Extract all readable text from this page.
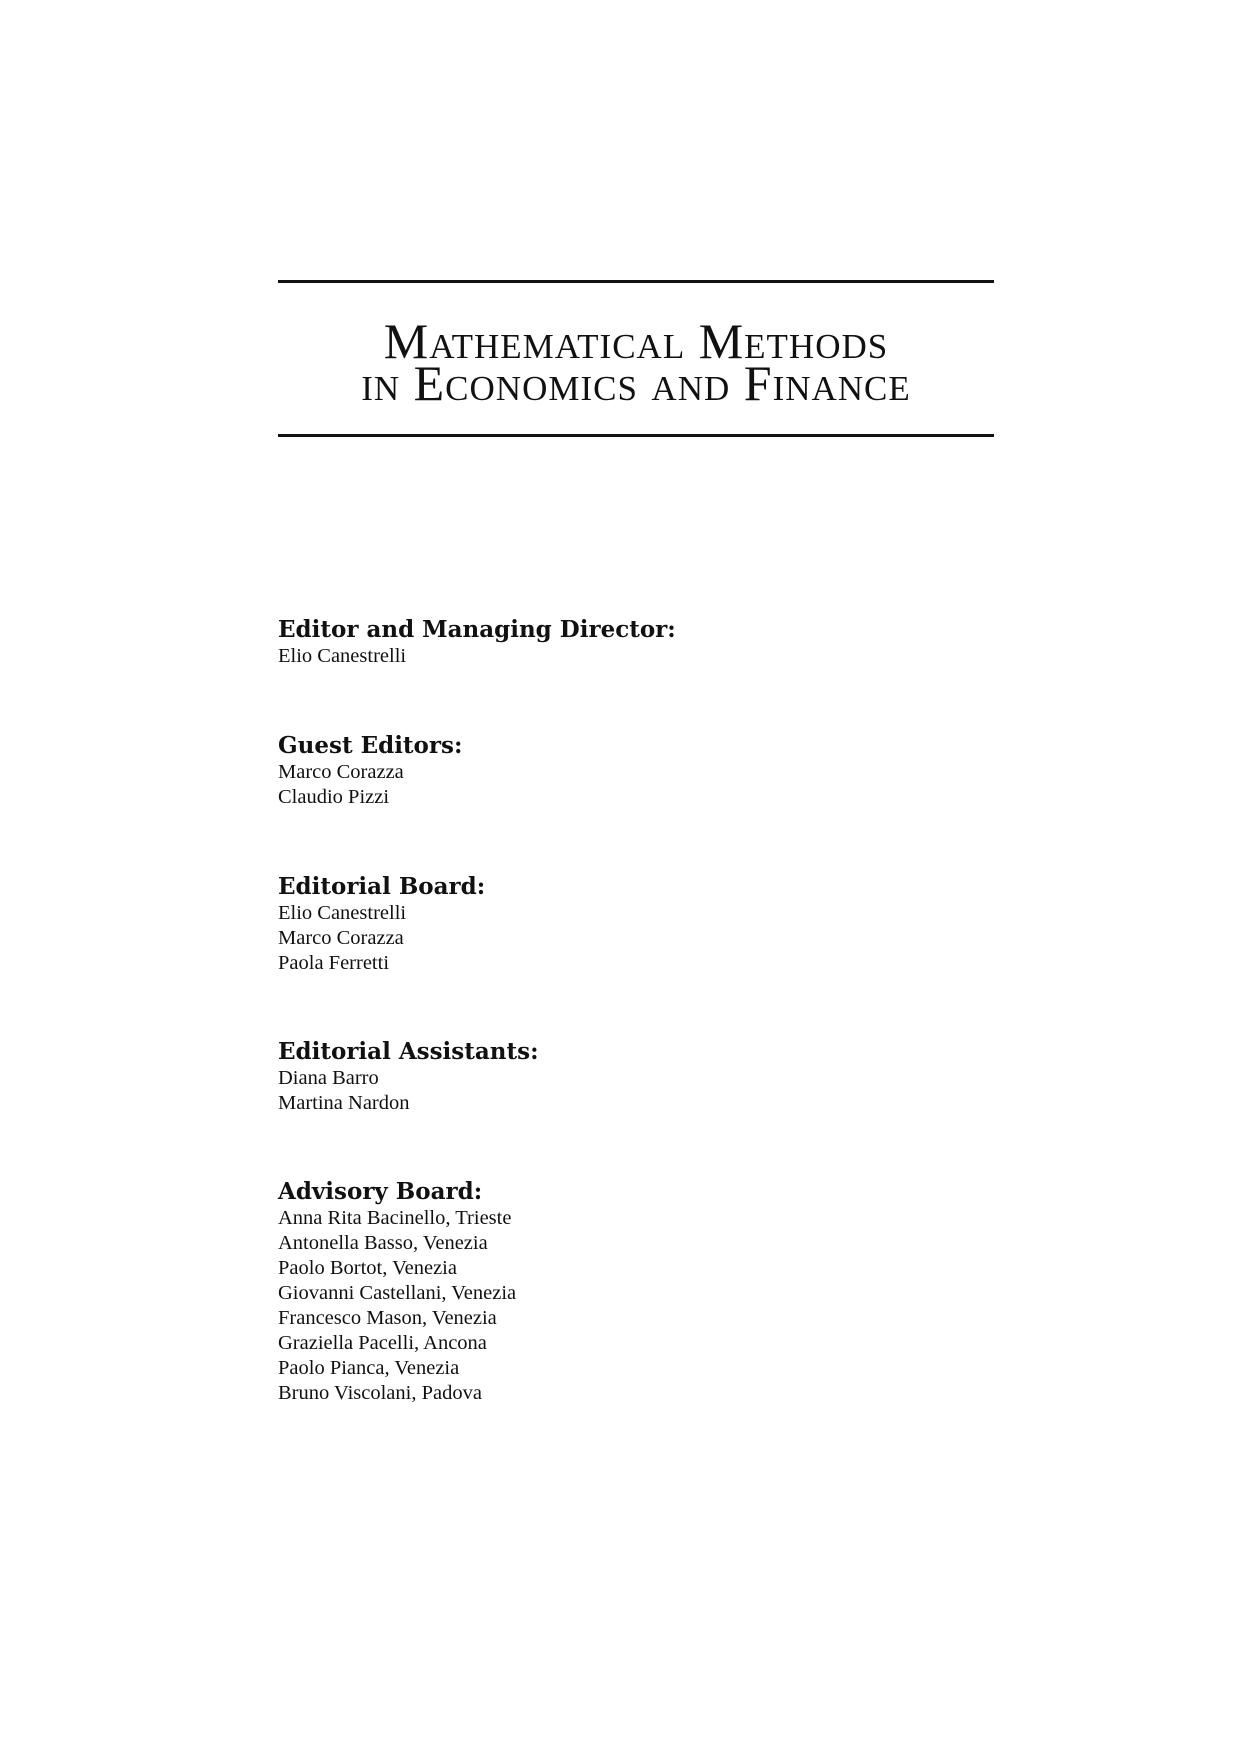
Mathematical Methods
in Economics and Finance
Editor and Managing Director:
Elio Canestrelli
Guest Editors:
Marco Corazza
Claudio Pizzi
Editorial Board:
Elio Canestrelli
Marco Corazza
Paola Ferretti
Editorial Assistants:
Diana Barro
Martina Nardon
Advisory Board:
Anna Rita Bacinello, Trieste
Antonella Basso, Venezia
Paolo Bortot, Venezia
Giovanni Castellani, Venezia
Francesco Mason, Venezia
Graziella Pacelli, Ancona
Paolo Pianca, Venezia
Bruno Viscolani, Padova
